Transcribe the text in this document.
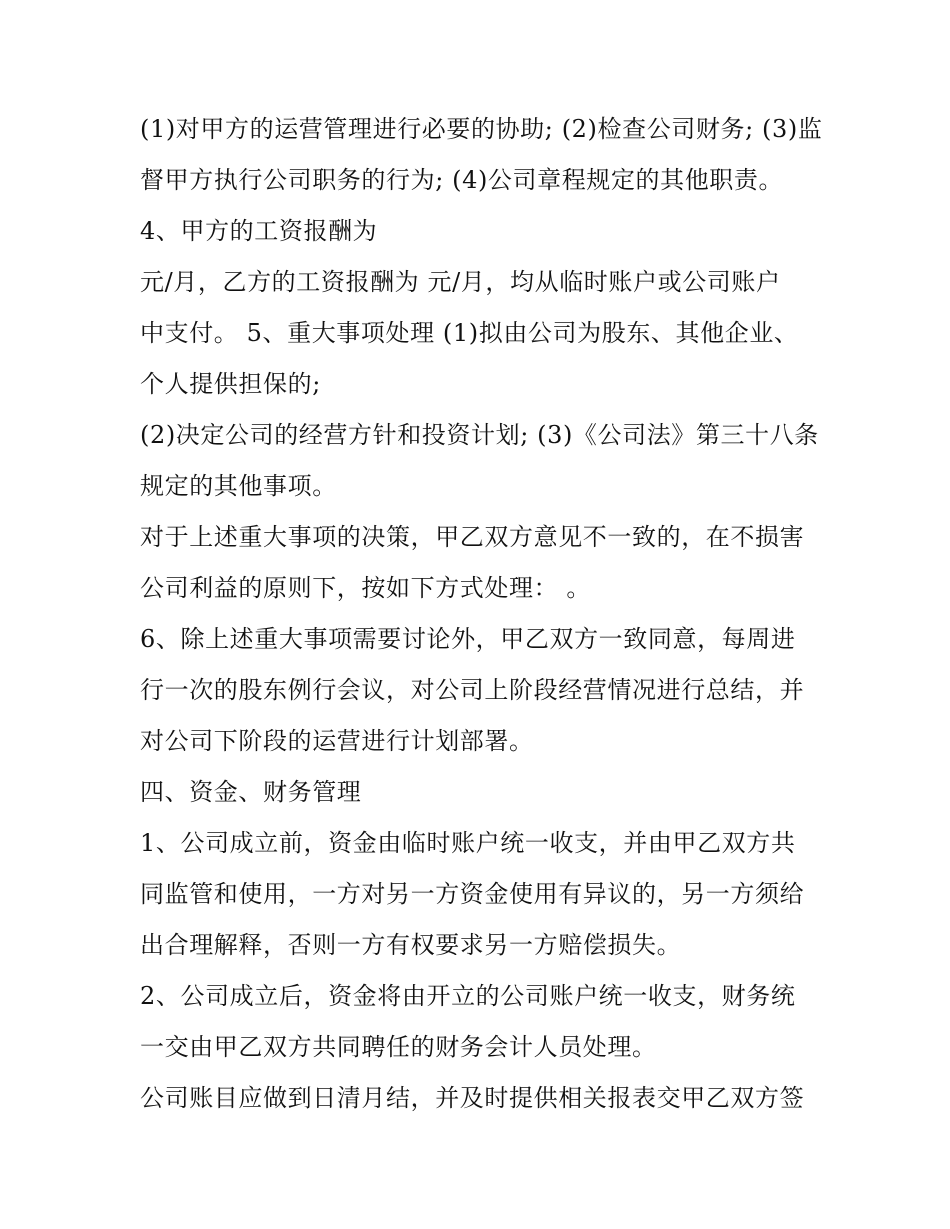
(1)对甲方的运营管理进行必要的协助; (2)检查公司财务; (3)监
督甲方执行公司职务的行为; (4)公司章程规定的其他职责。
4、甲方的工资报酬为
元/月，乙方的工资报酬为 元/月，均从临时账户或公司账户
中支付。 5、重大事项处理 (1)拟由公司为股东、其他企业、
个人提供担保的;
(2)决定公司的经营方针和投资计划; (3)《公司法》第三十八条
规定的其他事项。
对于上述重大事项的决策，甲乙双方意见不一致的，在不损害
公司利益的原则下，按如下方式处理： 。
6、除上述重大事项需要讨论外，甲乙双方一致同意，每周进
行一次的股东例行会议，对公司上阶段经营情况进行总结，并
对公司下阶段的运营进行计划部署。
四、资金、财务管理
1、公司成立前，资金由临时账户统一收支，并由甲乙双方共
同监管和使用，一方对另一方资金使用有异议的，另一方须给
出合理解释，否则一方有权要求另一方赔偿损失。
2、公司成立后，资金将由开立的公司账户统一收支，财务统
一交由甲乙双方共同聘任的财务会计人员处理。
公司账目应做到日清月结，并及时提供相关报表交甲乙双方签
